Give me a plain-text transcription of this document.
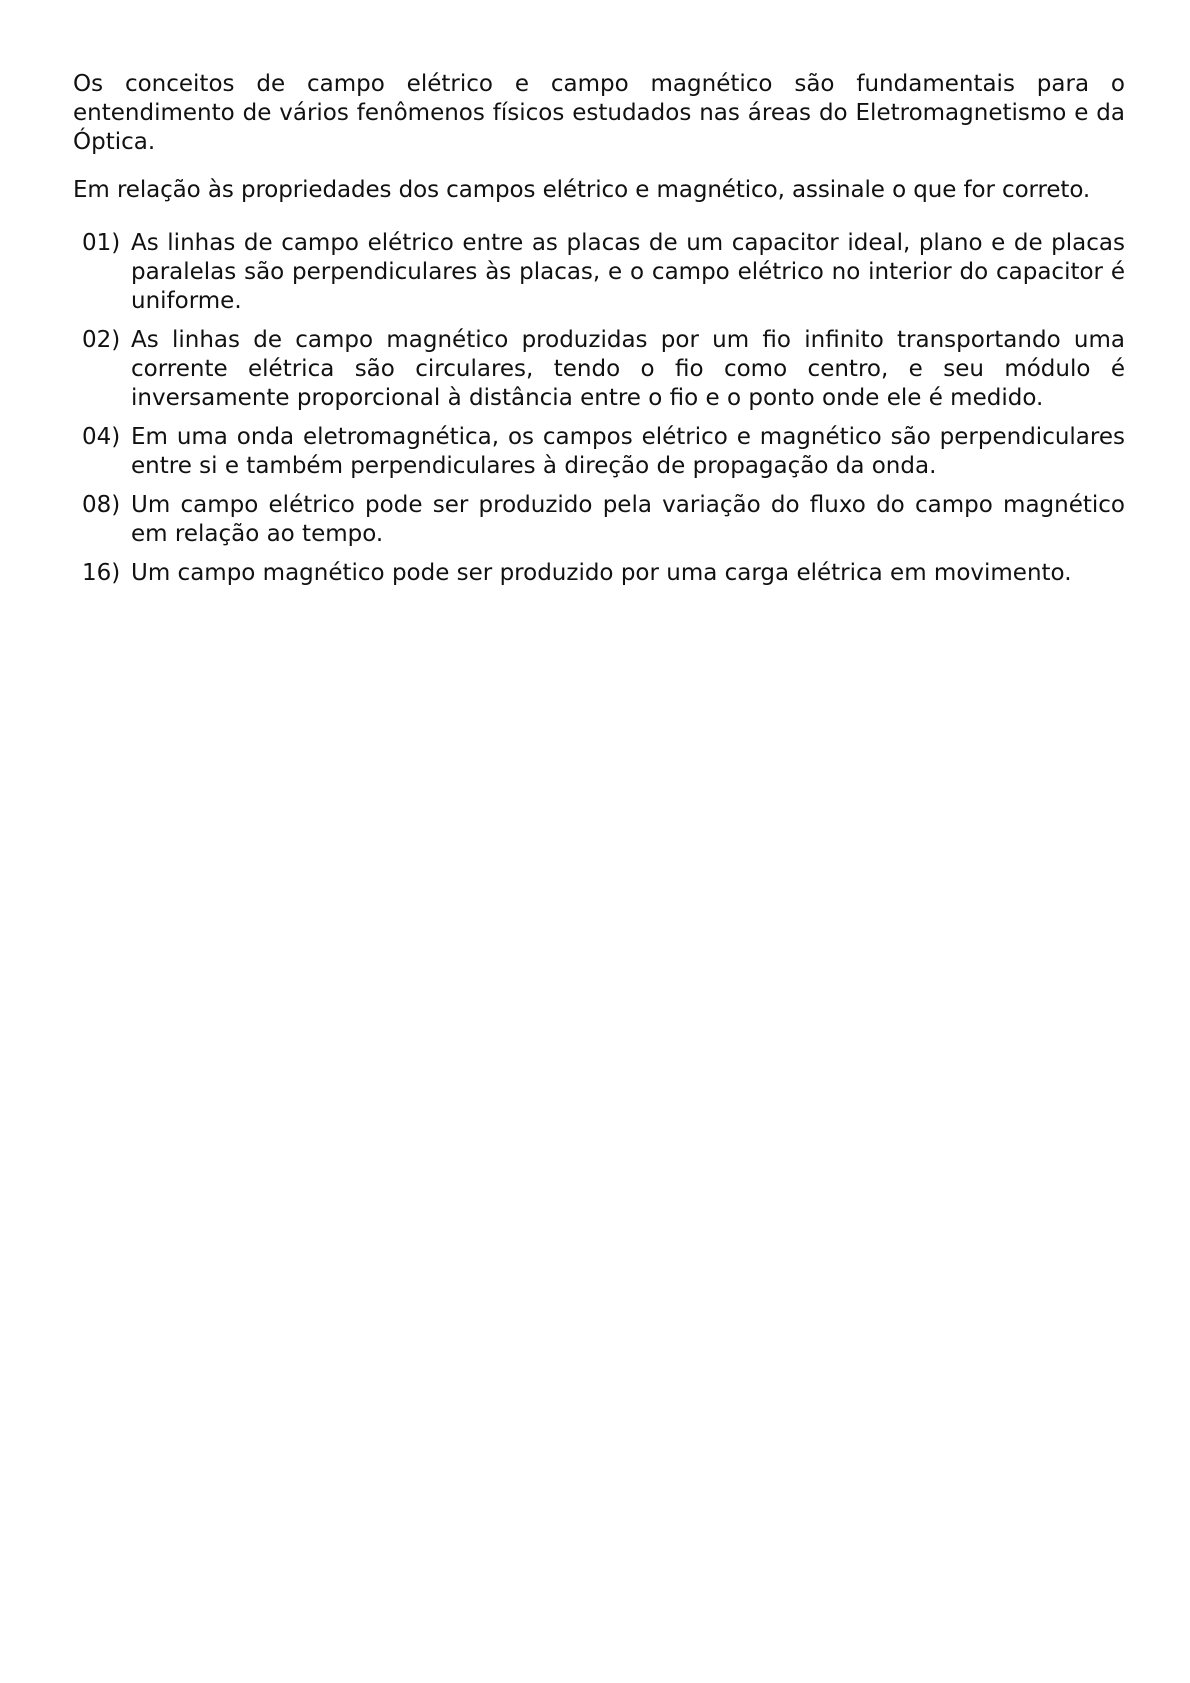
Os conceitos de campo elétrico e campo magnético são fundamentais para o entendimento de vários fenômenos físicos estudados nas áreas do Eletromagnetismo e da Óptica.

Em relação às propriedades dos campos elétrico e magnético, assinale o que for correto.

01) As linhas de campo elétrico entre as placas de um capacitor ideal, plano e de placas paralelas são perpendiculares às placas, e o campo elétrico no interior do capacitor é uniforme.
02) As linhas de campo magnético produzidas por um fio infinito transportando uma corrente elétrica são circulares, tendo o fio como centro, e seu módulo é inversamente proporcional à distância entre o fio e o ponto onde ele é medido.
04) Em uma onda eletromagnética, os campos elétrico e magnético são perpendiculares entre si e também perpendiculares à direção de propagação da onda.
08) Um campo elétrico pode ser produzido pela variação do fluxo do campo magnético em relação ao tempo.
16) Um campo magnético pode ser produzido por uma carga elétrica em movimento.
